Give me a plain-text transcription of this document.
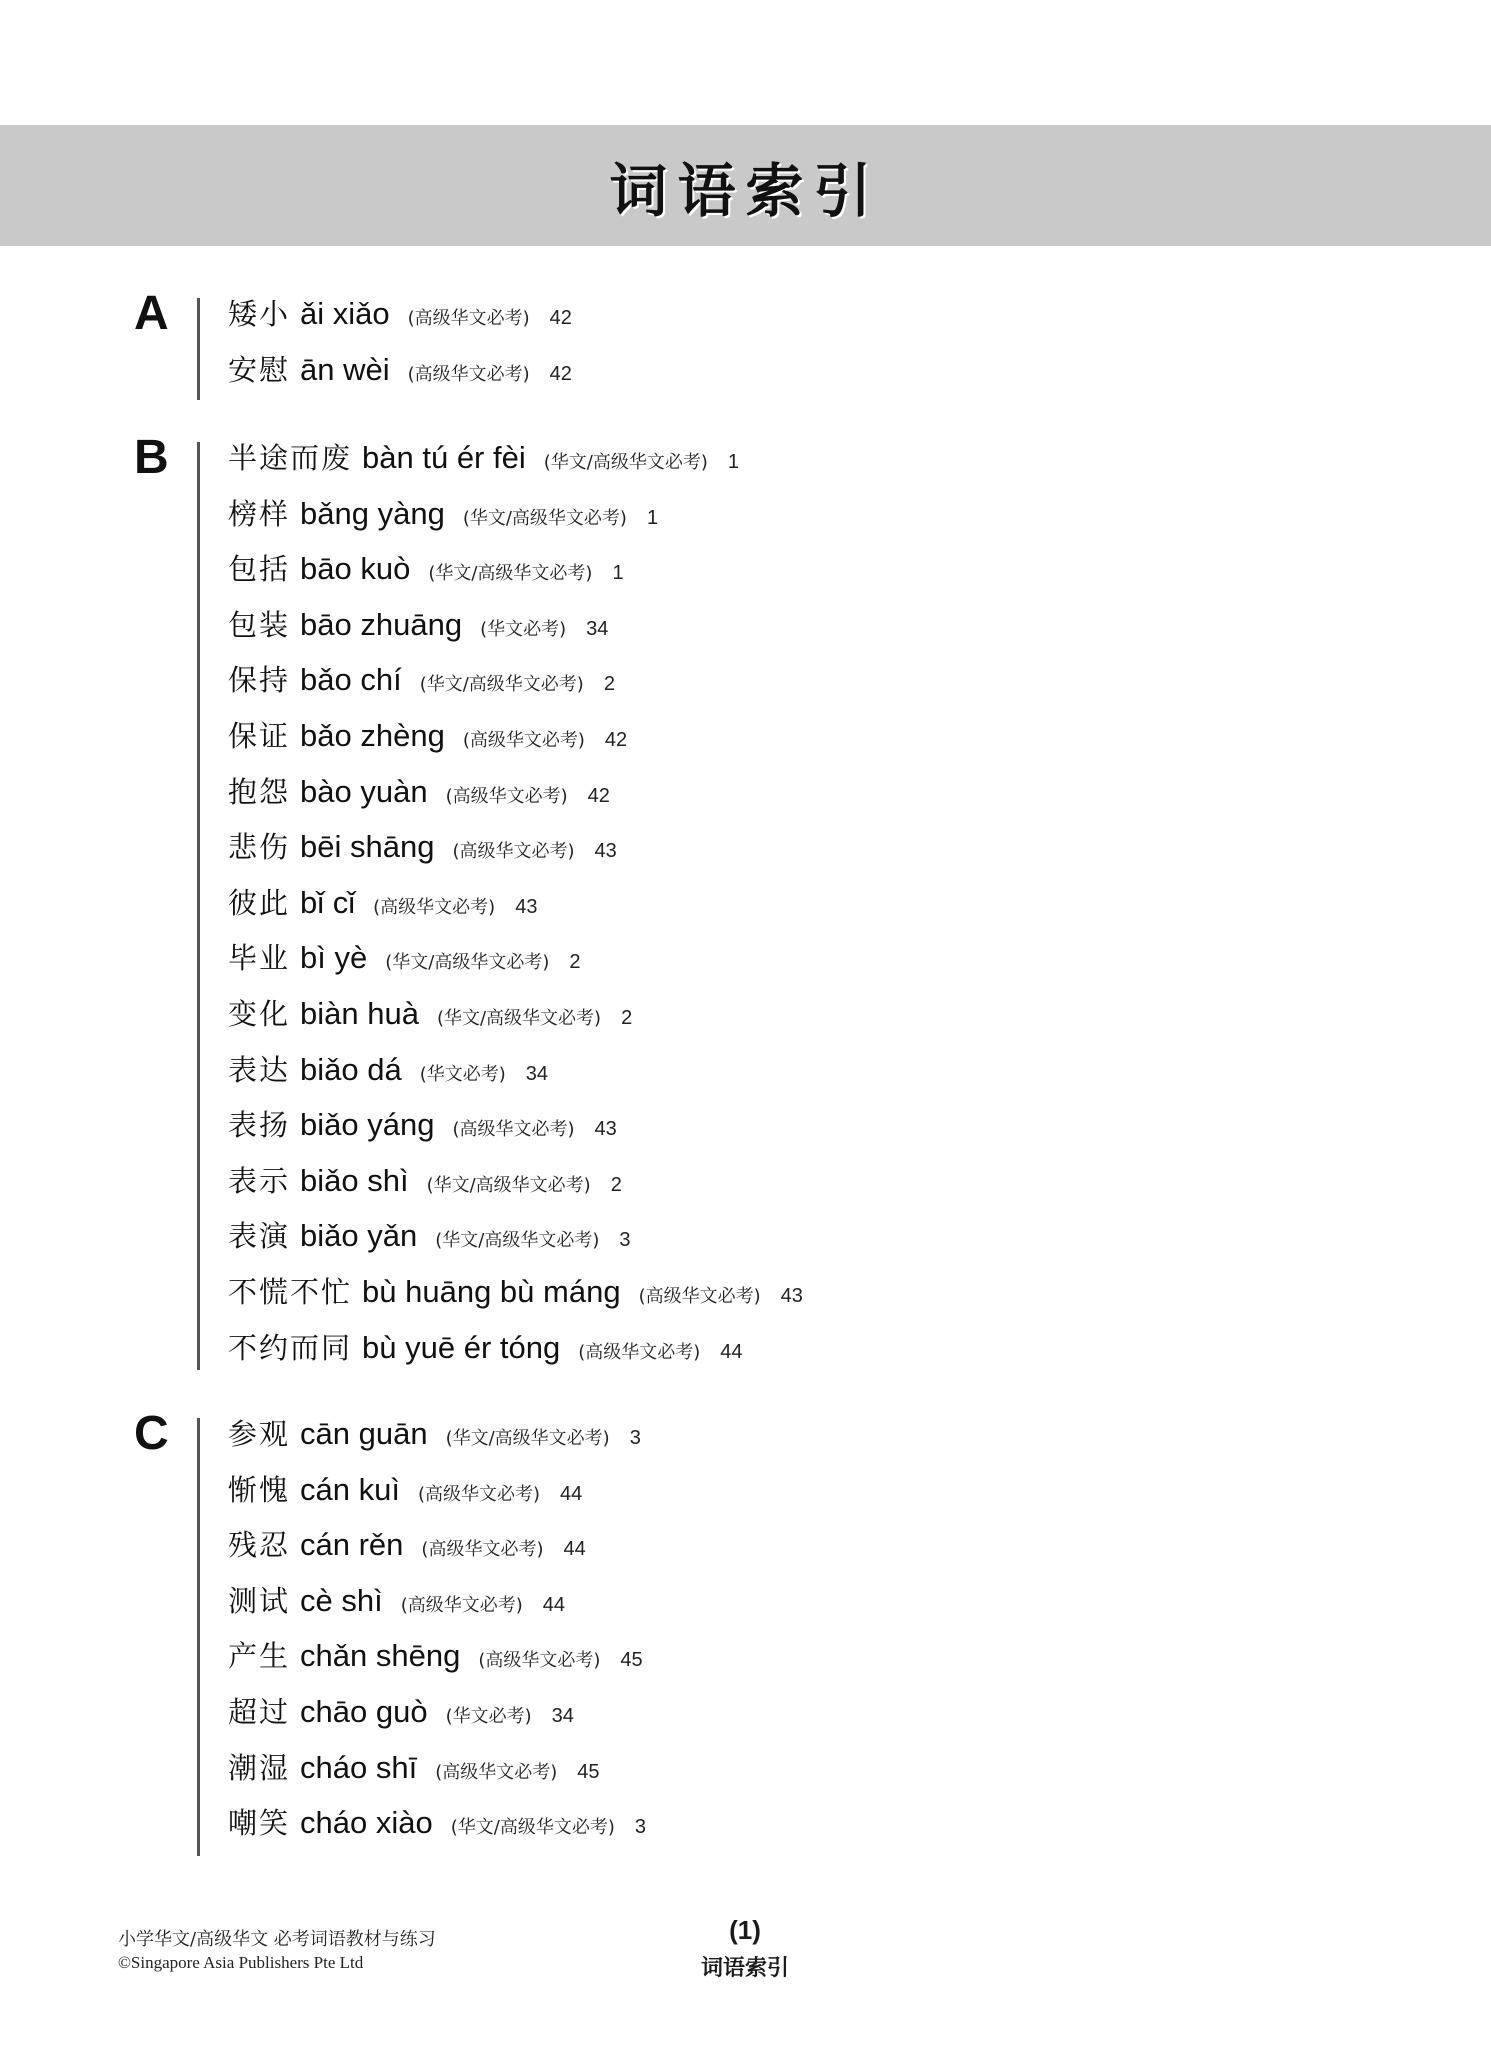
词语索引
A 矮小 ǎi xiǎo (高级华文必考) 42
安慰 ān wèi (高级华文必考) 42
B 半途而废 bàn tú ér fèi (华文/高级华文必考) 1
榜样 bǎng yàng (华文/高级华文必考) 1
包括 bāo kuò (华文/高级华文必考) 1
包装 bāo zhuāng (华文必考) 34
保持 bǎo chí (华文/高级华文必考) 2
保证 bǎo zhèng (高级华文必考) 42
抱怨 bào yuàn (高级华文必考) 42
悲伤 bēi shāng (高级华文必考) 43
彼此 bǐ cǐ (高级华文必考) 43
毕业 bì yè (华文/高级华文必考) 2
变化 biàn huà (华文/高级华文必考) 2
表达 biǎo dá (华文必考) 34
表扬 biǎo yáng (高级华文必考) 43
表示 biǎo shì (华文/高级华文必考) 2
表演 biǎo yǎn (华文/高级华文必考) 3
不慌不忙 bù huāng bù máng (高级华文必考) 43
不约而同 bù yuē ér tóng (高级华文必考) 44
C 参观 cān guān (华文/高级华文必考) 3
惭愧 cán kuì (高级华文必考) 44
残忍 cán rěn (高级华文必考) 44
测试 cè shì (高级华文必考) 44
产生 chǎn shēng (高级华文必考) 45
超过 chāo guò (华文必考) 34
潮湿 cháo shī (高级华文必考) 45
嘲笑 cháo xiào (华文/高级华文必考) 3
小学华文/高级华文 必考词语教材与练习
©Singapore Asia Publishers Pte Ltd
(1)
词语索引
